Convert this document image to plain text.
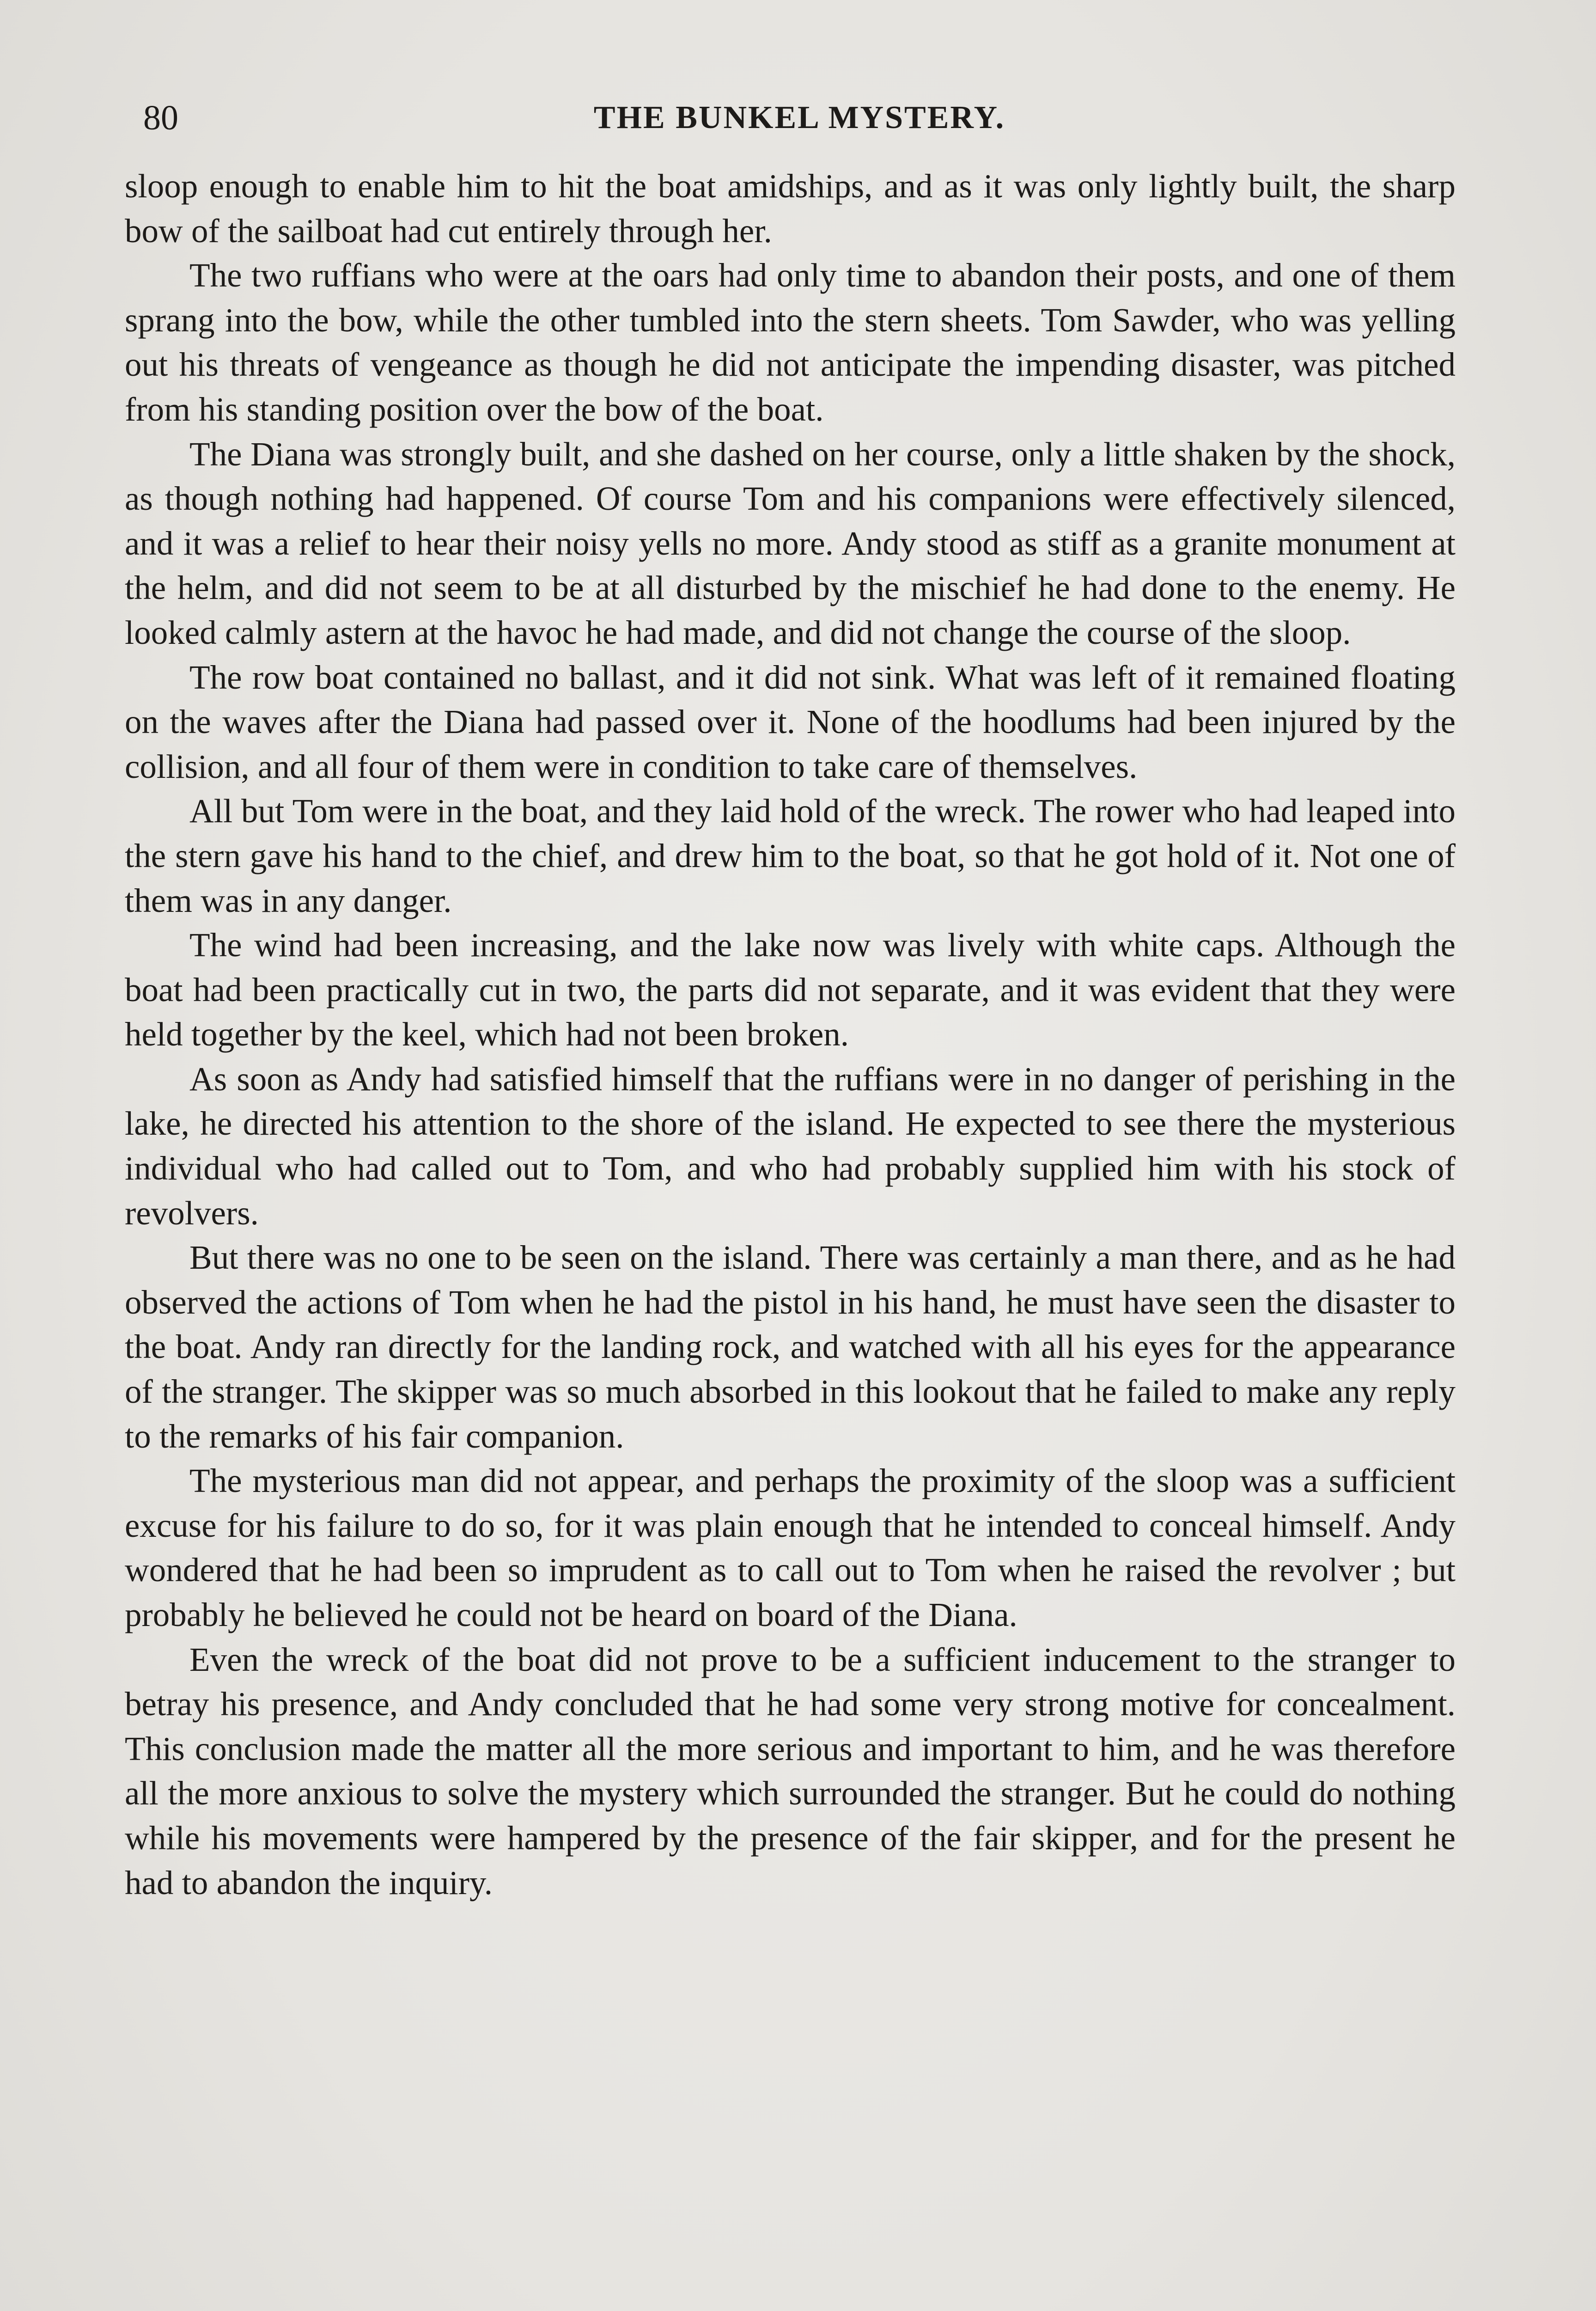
80	THE BUNKEL MYSTERY.

sloop enough to enable him to hit the boat amidships, and as it was only lightly built, the sharp bow of the sailboat had cut entirely through her.

The two ruffians who were at the oars had only time to abandon their posts, and one of them sprang into the bow, while the other tumbled into the stern sheets. Tom Sawder, who was yelling out his threats of vengeance as though he did not anticipate the impending disaster, was pitched from his standing position over the bow of the boat.

The Diana was strongly built, and she dashed on her course, only a little shaken by the shock, as though nothing had happened. Of course Tom and his companions were effectively silenced, and it was a relief to hear their noisy yells no more. Andy stood as stiff as a granite monument at the helm, and did not seem to be at all disturbed by the mischief he had done to the enemy. He looked calmly astern at the havoc he had made, and did not change the course of the sloop.

The row boat contained no ballast, and it did not sink. What was left of it remained floating on the waves after the Diana had passed over it. None of the hoodlums had been injured by the collision, and all four of them were in condition to take care of themselves.

All but Tom were in the boat, and they laid hold of the wreck. The rower who had leaped into the stern gave his hand to the chief, and drew him to the boat, so that he got hold of it. Not one of them was in any danger.

The wind had been increasing, and the lake now was lively with white caps. Although the boat had been practically cut in two, the parts did not separate, and it was evident that they were held together by the keel, which had not been broken.

As soon as Andy had satisfied himself that the ruffians were in no danger of perishing in the lake, he directed his attention to the shore of the island. He expected to see there the mysterious individual who had called out to Tom, and who had probably supplied him with his stock of revolvers.

But there was no one to be seen on the island. There was certainly a man there, and as he had observed the actions of Tom when he had the pistol in his hand, he must have seen the disaster to the boat. Andy ran directly for the landing rock, and watched with all his eyes for the appearance of the stranger. The skipper was so much absorbed in this lookout that he failed to make any reply to the remarks of his fair companion.

The mysterious man did not appear, and perhaps the proximity of the sloop was a sufficient excuse for his failure to do so, for it was plain enough that he intended to conceal himself. Andy wondered that he had been so imprudent as to call out to Tom when he raised the revolver ; but probably he believed he could not be heard on board of the Diana.

Even the wreck of the boat did not prove to be a sufficient inducement to the stranger to betray his presence, and Andy concluded that he had some very strong motive for concealment. This conclusion made the matter all the more serious and important to him, and he was therefore all the more anxious to solve the mystery which surrounded the stranger. But he could do nothing while his movements were hampered by the presence of the fair skipper, and for the present he had to abandon the inquiry.
